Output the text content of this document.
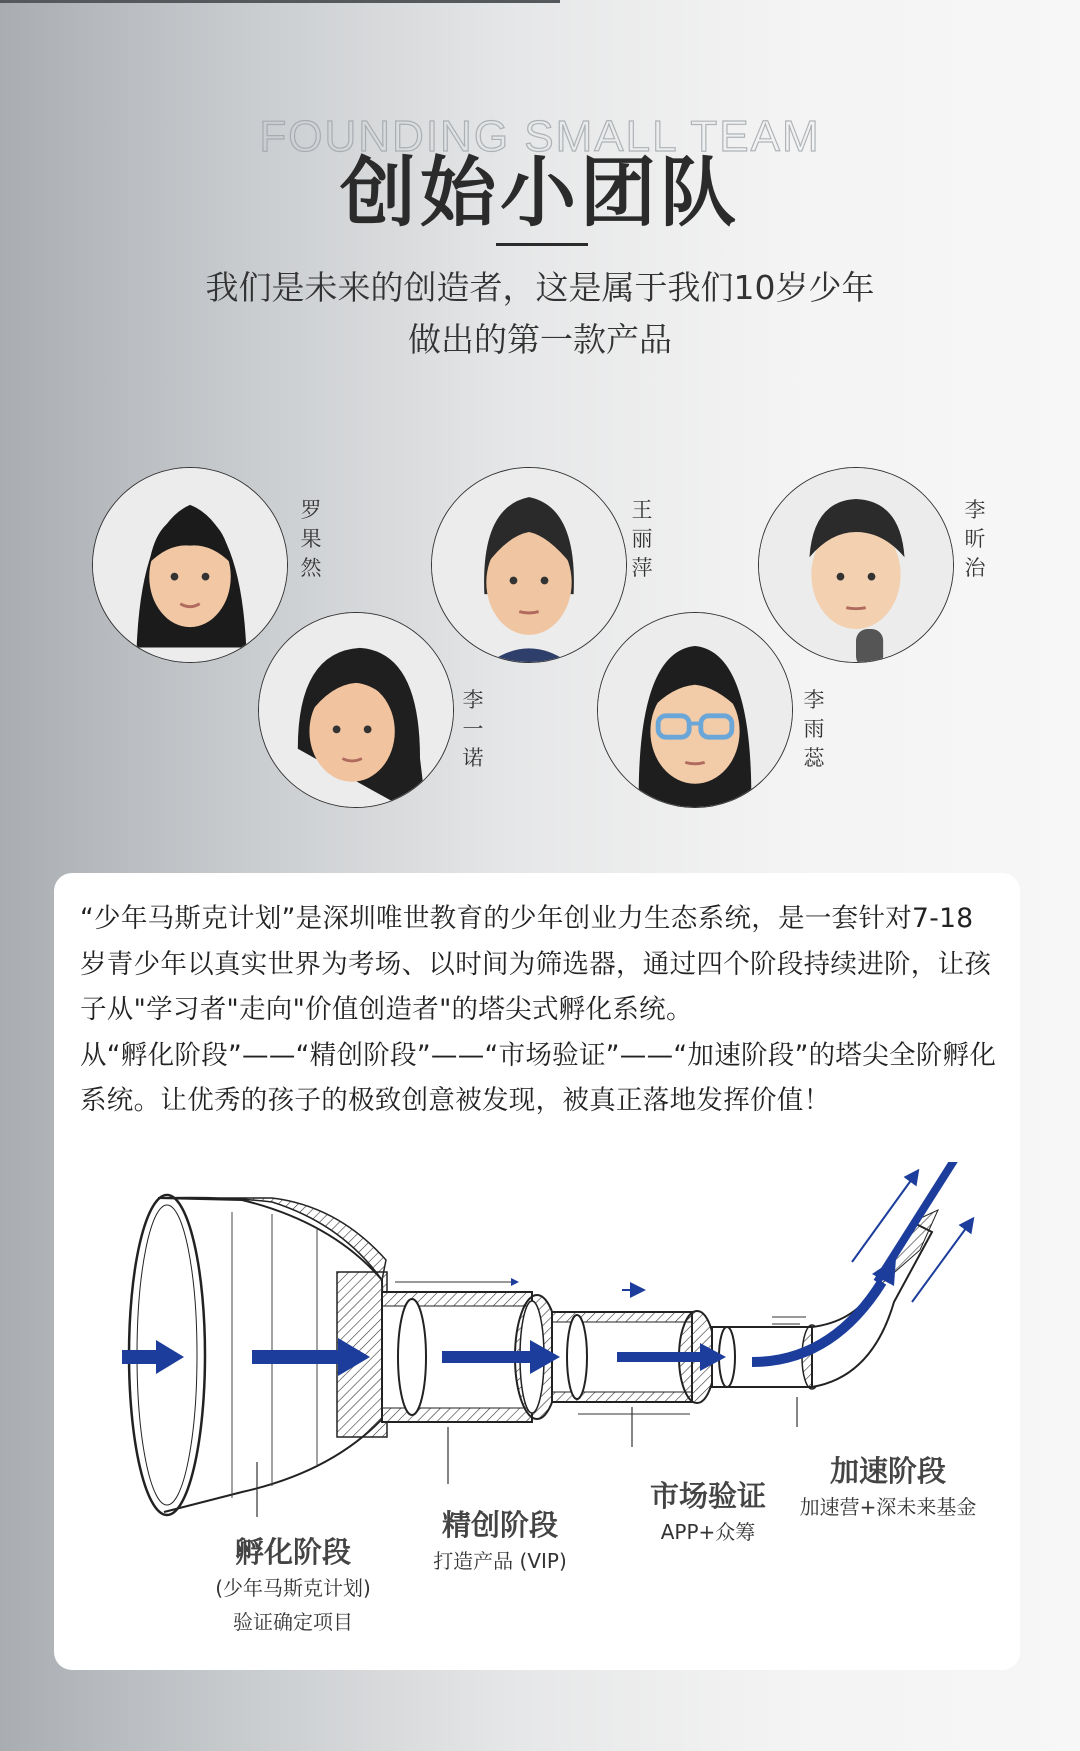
FOUNDING SMALL TEAM
创始小团队
我们是未来的创造者，这是属于我们10岁少年
做出的第一款产品
罗果然
王丽萍
李昕治
李一诺
李雨蕊

“少年马斯克计划”是深圳唯世教育的少年创业力生态系统，是一套针对7-18岁青少年以真实世界为考场、以时间为筛选器，通过四个阶段持续进阶，让孩子从"学习者"走向"价值创造者"的塔尖式孵化系统。

从“孵化阶段”——“精创阶段”——“市场验证”——“加速阶段”的塔尖全阶孵化系统。让优秀的孩子的极致创意被发现，被真正落地发挥价值！

孵化阶段
(少年马斯克计划)
验证确定项目
精创阶段
打造产品 (VIP)
市场验证
APP+众筹
加速阶段
加速营+深未来基金
